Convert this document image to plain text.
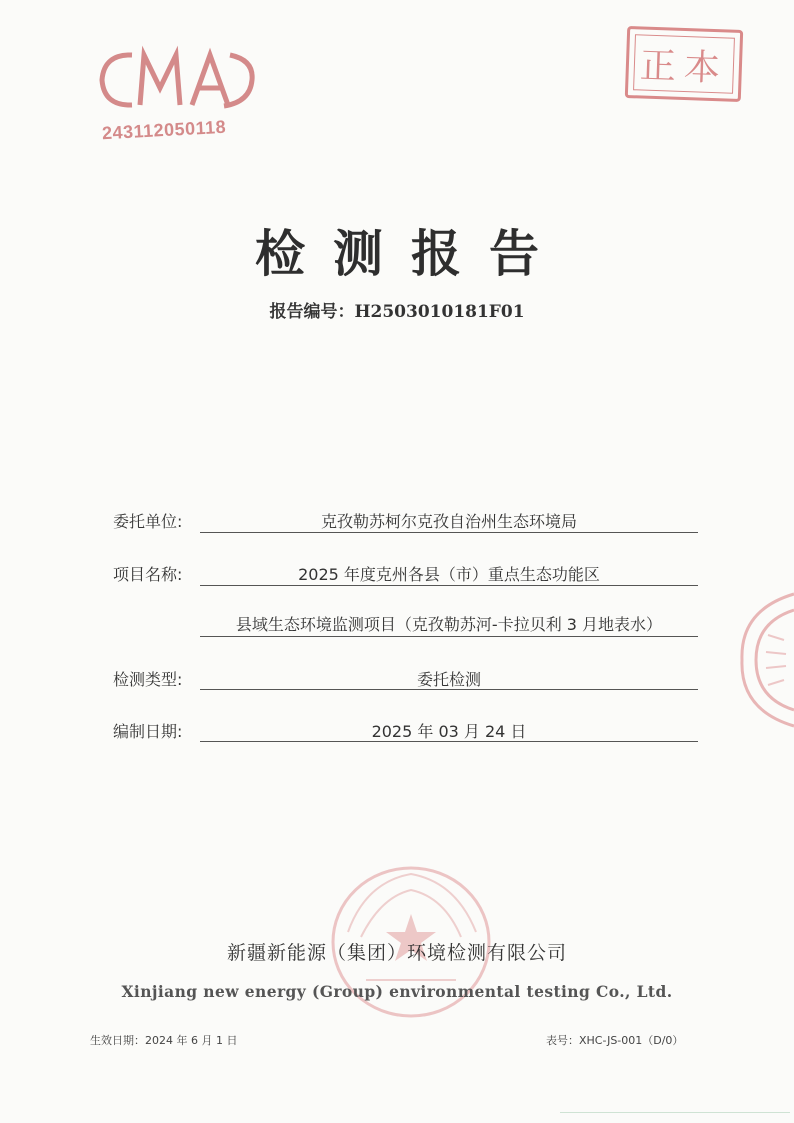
243112050118
正本
检测报告
报告编号：H2503010181F01
委托单位:	克孜勒苏柯尔克孜自治州生态环境局
项目名称:	2025 年度克州各县（市）重点生态功能区
县域生态环境监测项目（克孜勒苏河-卡拉贝利 3 月地表水）
检测类型:	委托检测
编制日期:	2025 年 03 月 24 日
新疆新能源（集团）环境检测有限公司
Xinjiang new energy (Group) environmental testing Co., Ltd.
生效日期：2024 年 6 月 1 日	表号：XHC-JS-001（D/0）
